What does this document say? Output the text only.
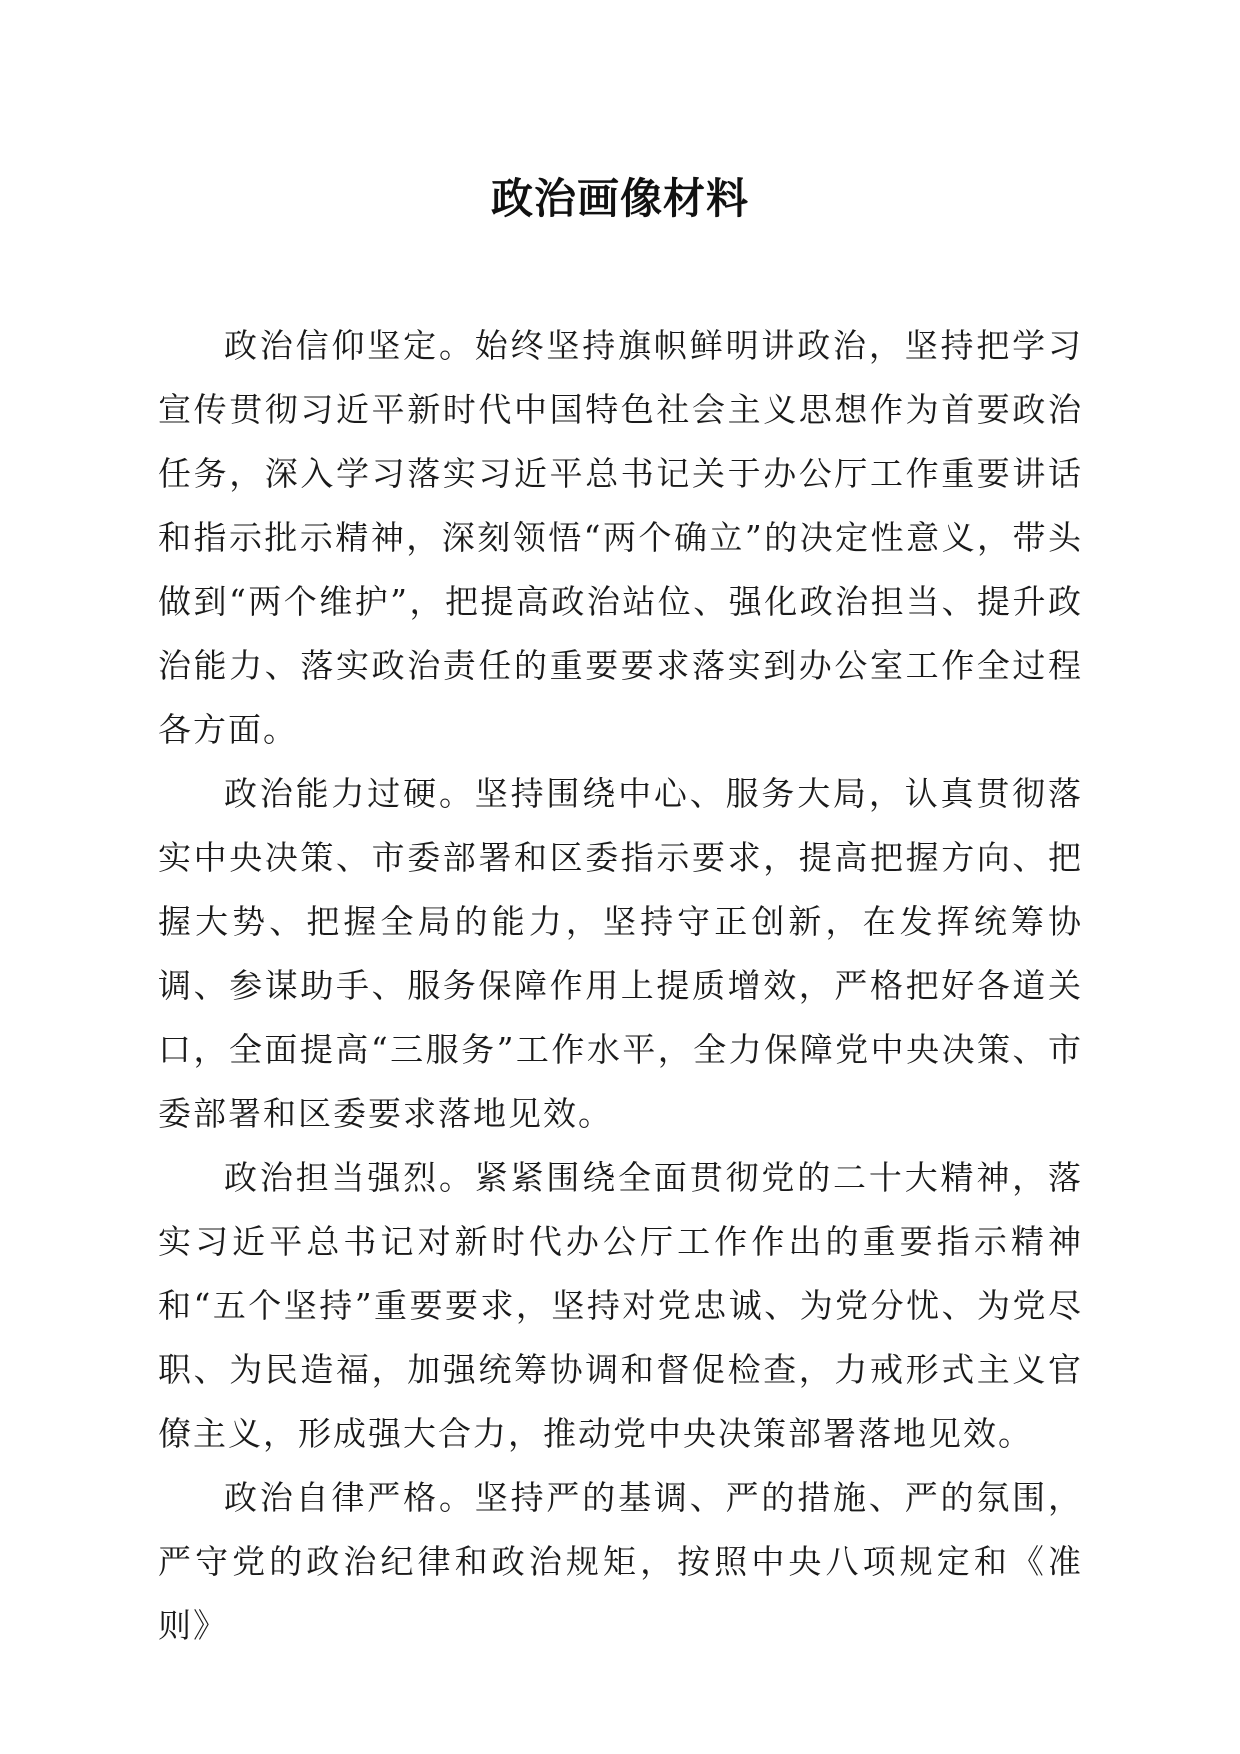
政治画像材料

政治信仰坚定。始终坚持旗帜鲜明讲政治，坚持把学习宣传贯彻习近平新时代中国特色社会主义思想作为首要政治任务，深入学习落实习近平总书记关于办公厅工作重要讲话和指示批示精神，深刻领悟“两个确立”的决定性意义，带头做到“两个维护”，把提高政治站位、强化政治担当、提升政治能力、落实政治责任的重要要求落实到办公室工作全过程各方面。

政治能力过硬。坚持围绕中心、服务大局，认真贯彻落实中央决策、市委部署和区委指示要求，提高把握方向、把握大势、把握全局的能力，坚持守正创新，在发挥统筹协调、参谋助手、服务保障作用上提质增效，严格把好各道关口，全面提高“三服务”工作水平，全力保障党中央决策、市委部署和区委要求落地见效。

政治担当强烈。紧紧围绕全面贯彻党的二十大精神，落实习近平总书记对新时代办公厅工作作出的重要指示精神和“五个坚持”重要要求，坚持对党忠诚、为党分忧、为党尽职、为民造福，加强统筹协调和督促检查，力戒形式主义官僚主义，形成强大合力，推动党中央决策部署落地见效。

政治自律严格。坚持严的基调、严的措施、严的氛围，严守党的政治纪律和政治规矩，按照中央八项规定和《准则》
